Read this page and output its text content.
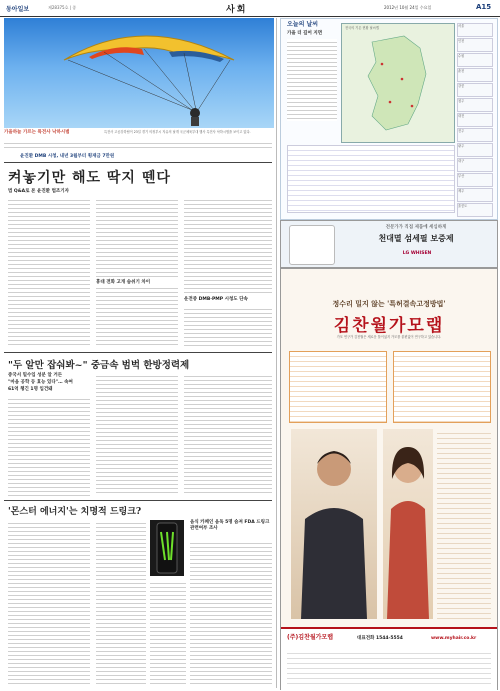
동아일보	제28375호 | 종	사회	2012년 10월 24일 수요일	A15
가을하늘 가르는 특전사 낙하시범	특전사 고공강하팀이 23일 경기 의정부시 자유의 날개 국군체육부대 행사 특전사 낙하시범을 보이고 있다.
윤진환 DMB 시청, 내년 3월부터 횡재금 7만원
켜놓기만 해도 딱지 뗀다
법 Q&A로 본 윤진환 법조기자
운전중 DMB·PMP 시청도 단속
휴대 전화 고개 숨쉬기 차이
"두 알만 잡숴봐~" 중금속 범벅 한방정력제
중국서 밀수입 성분 알 거든
"마음 공학 등 효능 있다"… 속여
61억 챙긴 1명 입건돼
'몬스터 에너지'는 치명적 드링크?
음식 카페인 음독 5명 숨져 FDA 드링크 관련여부 조사
오늘의 날씨
가을 더 깊어 지면
전국의 기온 현황 날씨맵	서울
인천
수원
춘천
강릉
청주
대전
전주
광주
대구
부산
제주
울릉도
전문가가 직접 제품에 세심하게
천대멸 섬세필 보증제
LG WHISEN
정수리 밀지 않는 '특허결속고정방법'
김찬월가모랩
가모 연구가 김찬월은 새로운 틀이었지 가모를 불편없이 연구하고 있습니다.
(주)김찬월가모랩	대표전화 1544-5554	www.myhair.co.kr
